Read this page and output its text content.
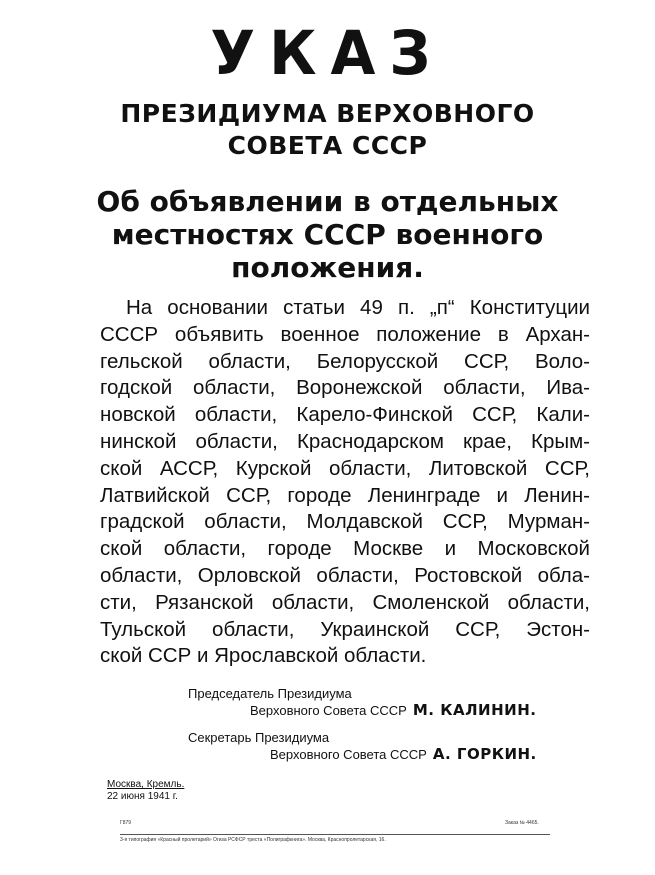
УКАЗ
ПРЕЗИДИУМА ВЕРХОВНОГО
СОВЕТА СССР
Об объявлении в отдельных
местностях СССР военного
положения.
На основании статьи 49 п. „п“ Конституции
СССР объявить военное положение в Архан-
гельской области, Белорусской ССР, Воло-
годской области, Воронежской области, Ива-
новской области, Карело-Финской ССР, Кали-
нинской области, Краснодарском крае, Крым-
ской АССР, Курской области, Литовской ССР,
Латвийской ССР, городе Ленинграде и Ленин-
градской области, Молдавской ССР, Мурман-
ской области, городе Москве и Московской
области, Орловской области, Ростовской обла-
сти, Рязанской области, Смоленской области,
Тульской области, Украинской ССР, Эстон-
ской ССР и Ярославской области.
Председатель Президиума
Верховного Совета СССР М. КАЛИНИН.
Секретарь Президиума
Верховного Совета СССР А. ГОРКИН.
Москва, Кремль.
22 июня 1941 г.
Г879	Заказ № 4465.
3-я типография «Красный пролетарий» Огиза РСФСР треста «Полиграфкнига». Москва, Краснопролетарская, 16.
